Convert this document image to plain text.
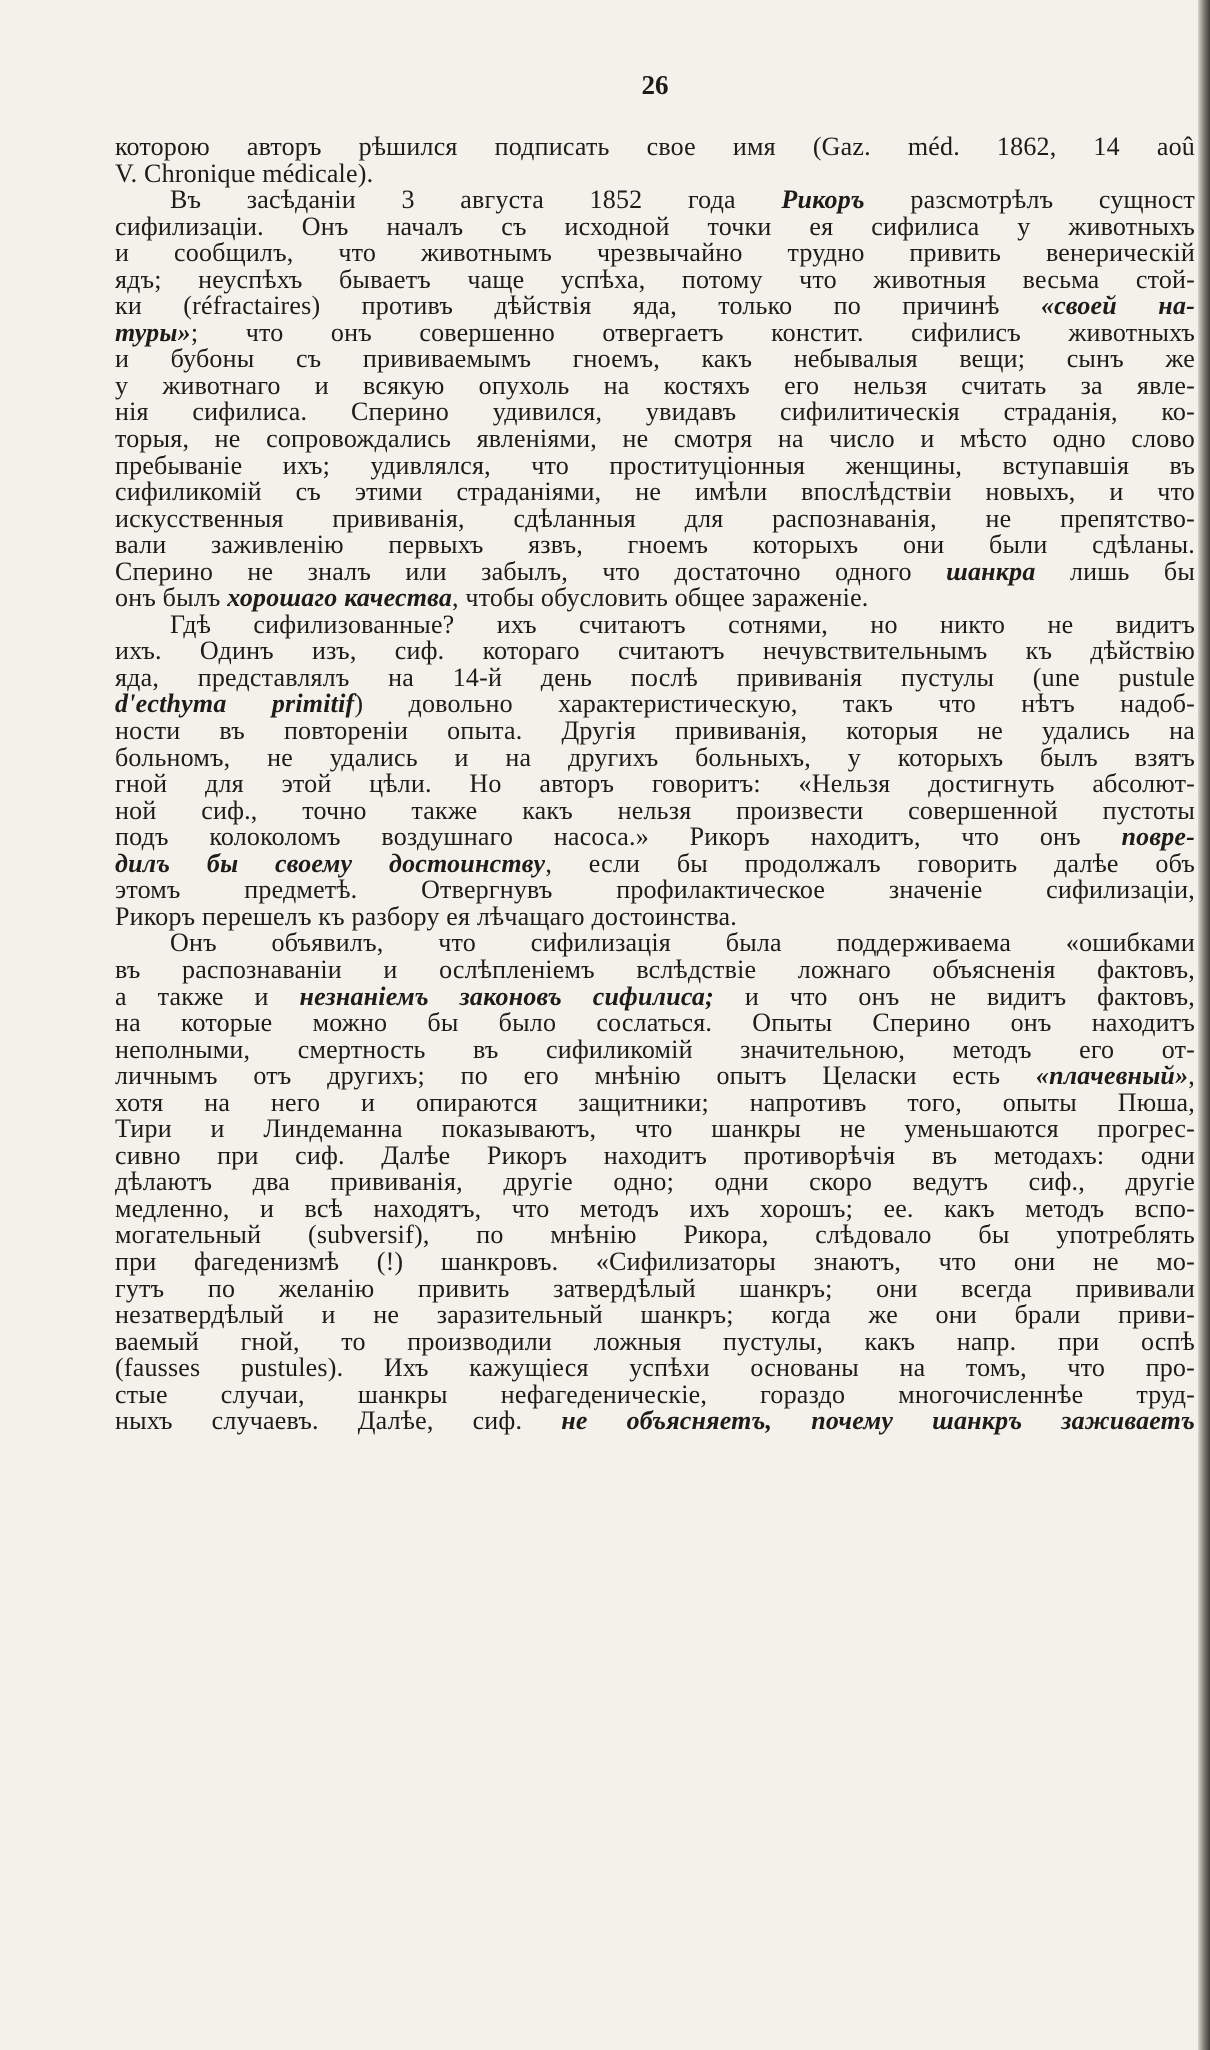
26
которою авторъ рѣшился подписать свое имя (Gaz. méd. 1862, 14 aoû
V. Chronique médicale).
Въ засѣданіи 3 августа 1852 года Рикоръ разсмотрѣлъ сущност
сифилизаціи. Онъ началъ съ исходной точки ея сифилиса у животныхъ
и сообщилъ, что животнымъ чрезвычайно трудно привить венерическій
ядъ; неуспѣхъ бываетъ чаще успѣха, потому что животныя весьма стой-
ки (réfractaires) противъ дѣйствія яда, только по причинѣ «своей на-
туры»; что онъ совершенно отвергаетъ констит. сифилисъ животныхъ
и бубоны съ прививаемымъ гноемъ, какъ небывалыя вещи; сынъ же
у животнаго и всякую опухоль на костяхъ его нельзя считать за явле-
нія сифилиса. Сперино удивился, увидавъ сифилитическія страданія, ко-
торыя, не сопровождались явленіями, не смотря на число и мѣсто одно слово
пребываніе ихъ; удивлялся, что проституціонныя женщины, вступавшія въ
сифиликомій съ этими страданіями, не имѣли впослѣдствіи новыхъ, и что
искусственныя прививанія, сдѣланныя для распознаванія, не препятство-
вали заживленію первыхъ язвъ, гноемъ которыхъ они были сдѣланы.
Сперино не зналъ или забылъ, что достаточно одного шанкра лишь бы
онъ былъ хорошаго качества, чтобы обусловить общее зараженіе.
Гдѣ сифилизованные? ихъ считаютъ сотнями, но никто не видитъ
ихъ. Одинъ изъ, сиф. котораго считаютъ нечувствительнымъ къ дѣйствію
яда, представлялъ на 14-й день послѣ прививанія пустулы (une pustule
d'ecthyma primitif) довольно характеристическую, такъ что нѣтъ надоб-
ности въ повтореніи опыта. Другія прививанія, которыя не удались на
больномъ, не удались и на другихъ больныхъ, у которыхъ былъ взятъ
гной для этой цѣли. Но авторъ говоритъ: «Нельзя достигнуть абсолют-
ной сиф., точно также какъ нельзя произвести совершенной пустоты
подъ колоколомъ воздушнаго насоса.» Рикоръ находитъ, что онъ повре-
дилъ бы своему достоинству, если бы продолжалъ говорить далѣе объ
этомъ предметѣ. Отвергнувъ профилактическое значеніе сифилизаціи,
Рикоръ перешелъ къ разбору ея лѣчащаго достоинства.
Онъ объявилъ, что сифилизація была поддерживаема «ошибками
въ распознаваніи и ослѣпленіемъ вслѣдствіе ложнаго объясненія фактовъ,
а также и незнаніемъ законовъ сифилиса; и что онъ не видитъ фактовъ,
на которые можно бы было сослаться. Опыты Сперино онъ находитъ
неполными, смертность въ сифиликомій значительною, методъ его от-
личнымъ отъ другихъ; по его мнѣнію опытъ Целаски есть «плачевный»,
хотя на него и опираются защитники; напротивъ того, опыты Пюша,
Тири и Линдеманна показываютъ, что шанкры не уменьшаются прогрес-
сивно при сиф. Далѣе Рикоръ находитъ противорѣчія въ методахъ: одни
дѣлаютъ два прививанія, другіе одно; одни скоро ведутъ сиф., другіе
медленно, и всѣ находятъ, что методъ ихъ хорошъ; ее. какъ методъ вспо-
могательный (subversif), по мнѣнію Рикора, слѣдовало бы употреблять
при фагеденизмѣ (!) шанкровъ. «Сифилизаторы знаютъ, что они не мо-
гутъ по желанію привить затвердѣлый шанкръ; они всегда прививали
незатвердѣлый и не заразительный шанкръ; когда же они брали приви-
ваемый гной, то производили ложныя пустулы, какъ напр. при оспѣ
(fausses pustules). Ихъ кажущіеся успѣхи основаны на томъ, что про-
стые случаи, шанкры нефагеденическіе, гораздо многочисленнѣе труд-
ныхъ случаевъ. Далѣе, сиф. не объясняетъ, почему шанкръ заживаетъ
